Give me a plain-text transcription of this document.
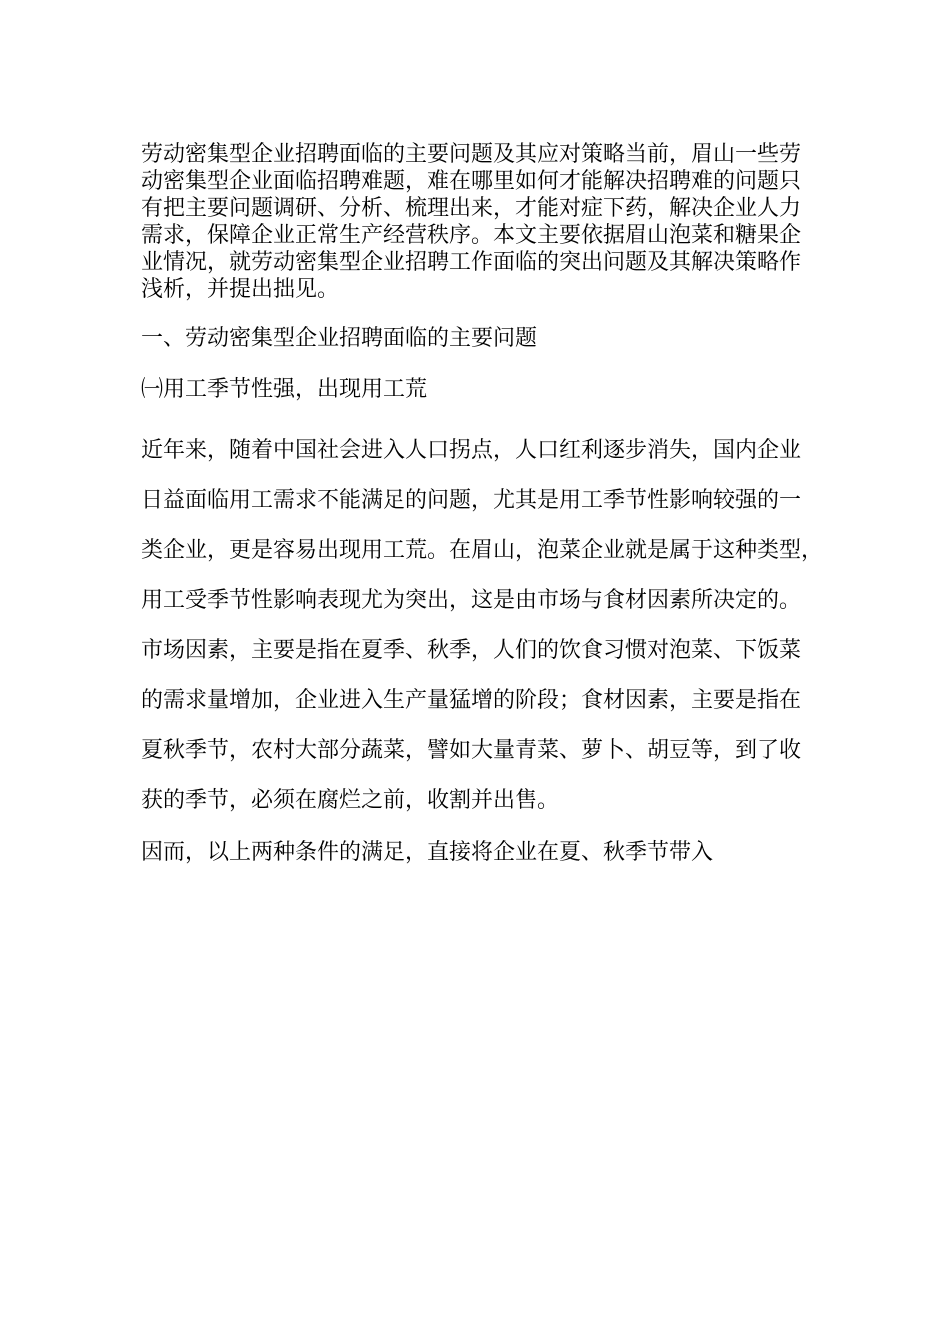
劳动密集型企业招聘面临的主要问题及其应对策略当前，眉山一些劳
动密集型企业面临招聘难题，难在哪里如何才能解决招聘难的问题只
有把主要问题调研、分析、梳理出来，才能对症下药，解决企业人力
需求，保障企业正常生产经营秩序。本文主要依据眉山泡菜和糖果企
业情况，就劳动密集型企业招聘工作面临的突出问题及其解决策略作
浅析，并提出拙见。

一、劳动密集型企业招聘面临的主要问题

㈠用工季节性强，出现用工荒

近年来，随着中国社会进入人口拐点，人口红利逐步消失，国内企业
日益面临用工需求不能满足的问题，尤其是用工季节性影响较强的一
类企业，更是容易出现用工荒。在眉山，泡菜企业就是属于这种类型，
用工受季节性影响表现尤为突出，这是由市场与食材因素所决定的。
市场因素，主要是指在夏季、秋季，人们的饮食习惯对泡菜、下饭菜
的需求量增加，企业进入生产量猛增的阶段；食材因素，主要是指在
夏秋季节，农村大部分蔬菜，譬如大量青菜、萝卜、胡豆等，到了收
获的季节，必须在腐烂之前，收割并出售。

因而，以上两种条件的满足，直接将企业在夏、秋季节带入
